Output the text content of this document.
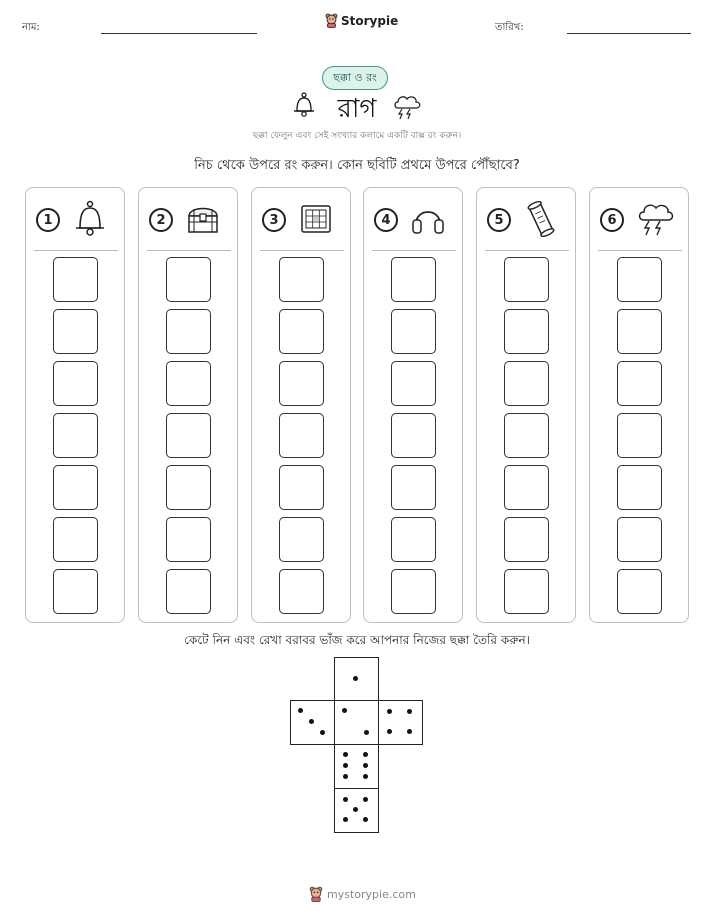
নাম:	Storypie	তারিখ:
ছক্কা ও রং
রাগ
ছক্কা ফেলুন এবং সেই সংখ্যার কলামে একটি বাক্স রং করুন।
নিচ থেকে উপরে রং করুন। কোন ছবিটি প্রথমে উপরে পৌঁছাবে?
1	2	3	4	5	6
কেটে নিন এবং রেখা বরাবর ভাঁজ করে আপনার নিজের ছক্কা তৈরি করুন।
mystorypie.com
